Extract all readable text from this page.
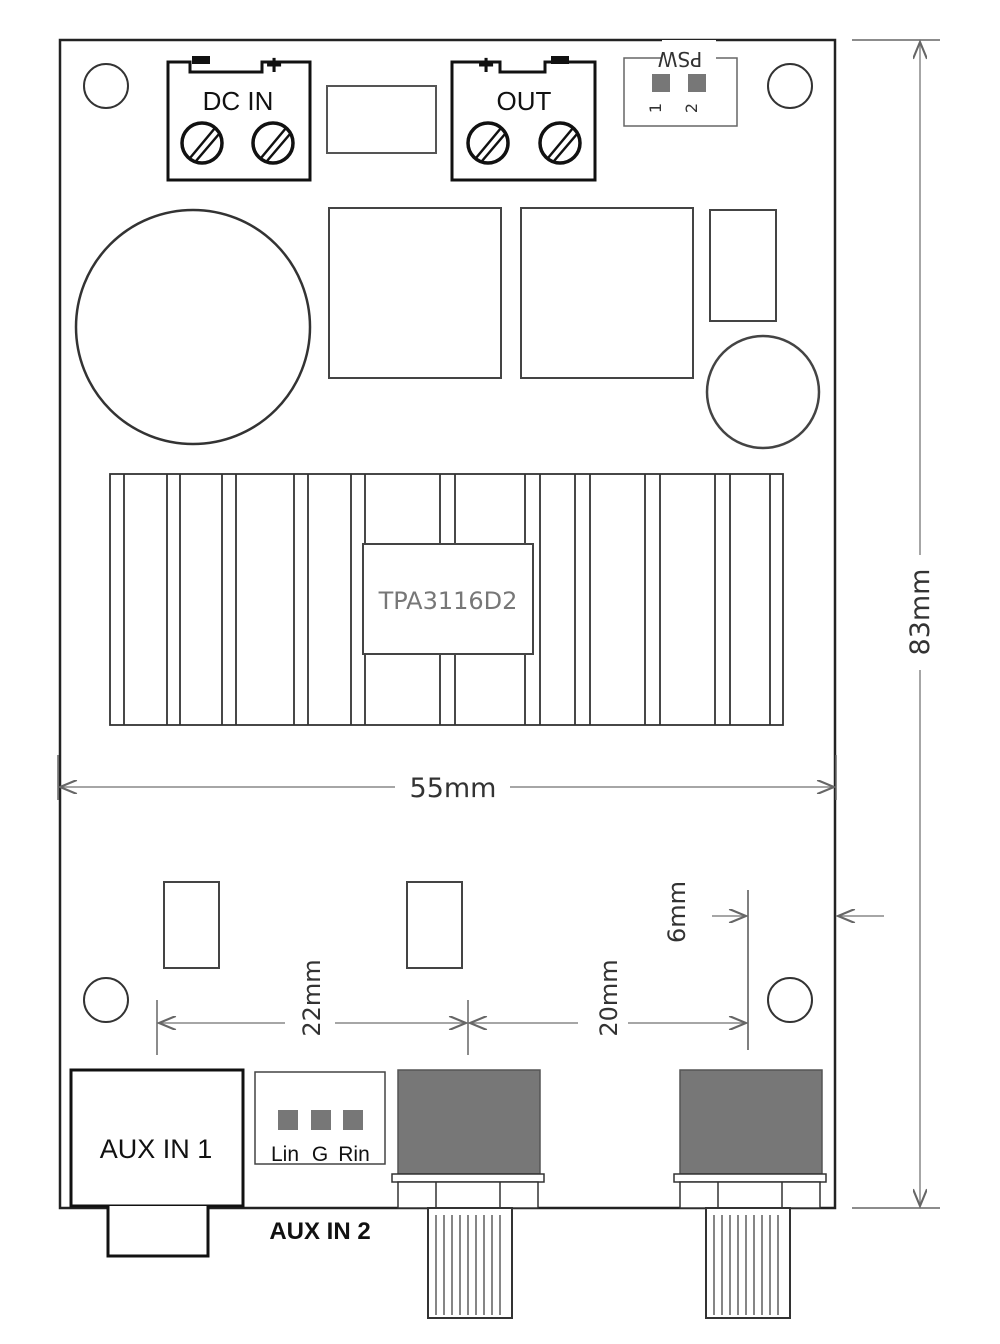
− +
DC IN
+ −
OUT
PSW
1 2
TPA3116D2
55mm
83mm
6mm
22mm	20mm
AUX IN 1	Lin G Rin
AUX IN 2
